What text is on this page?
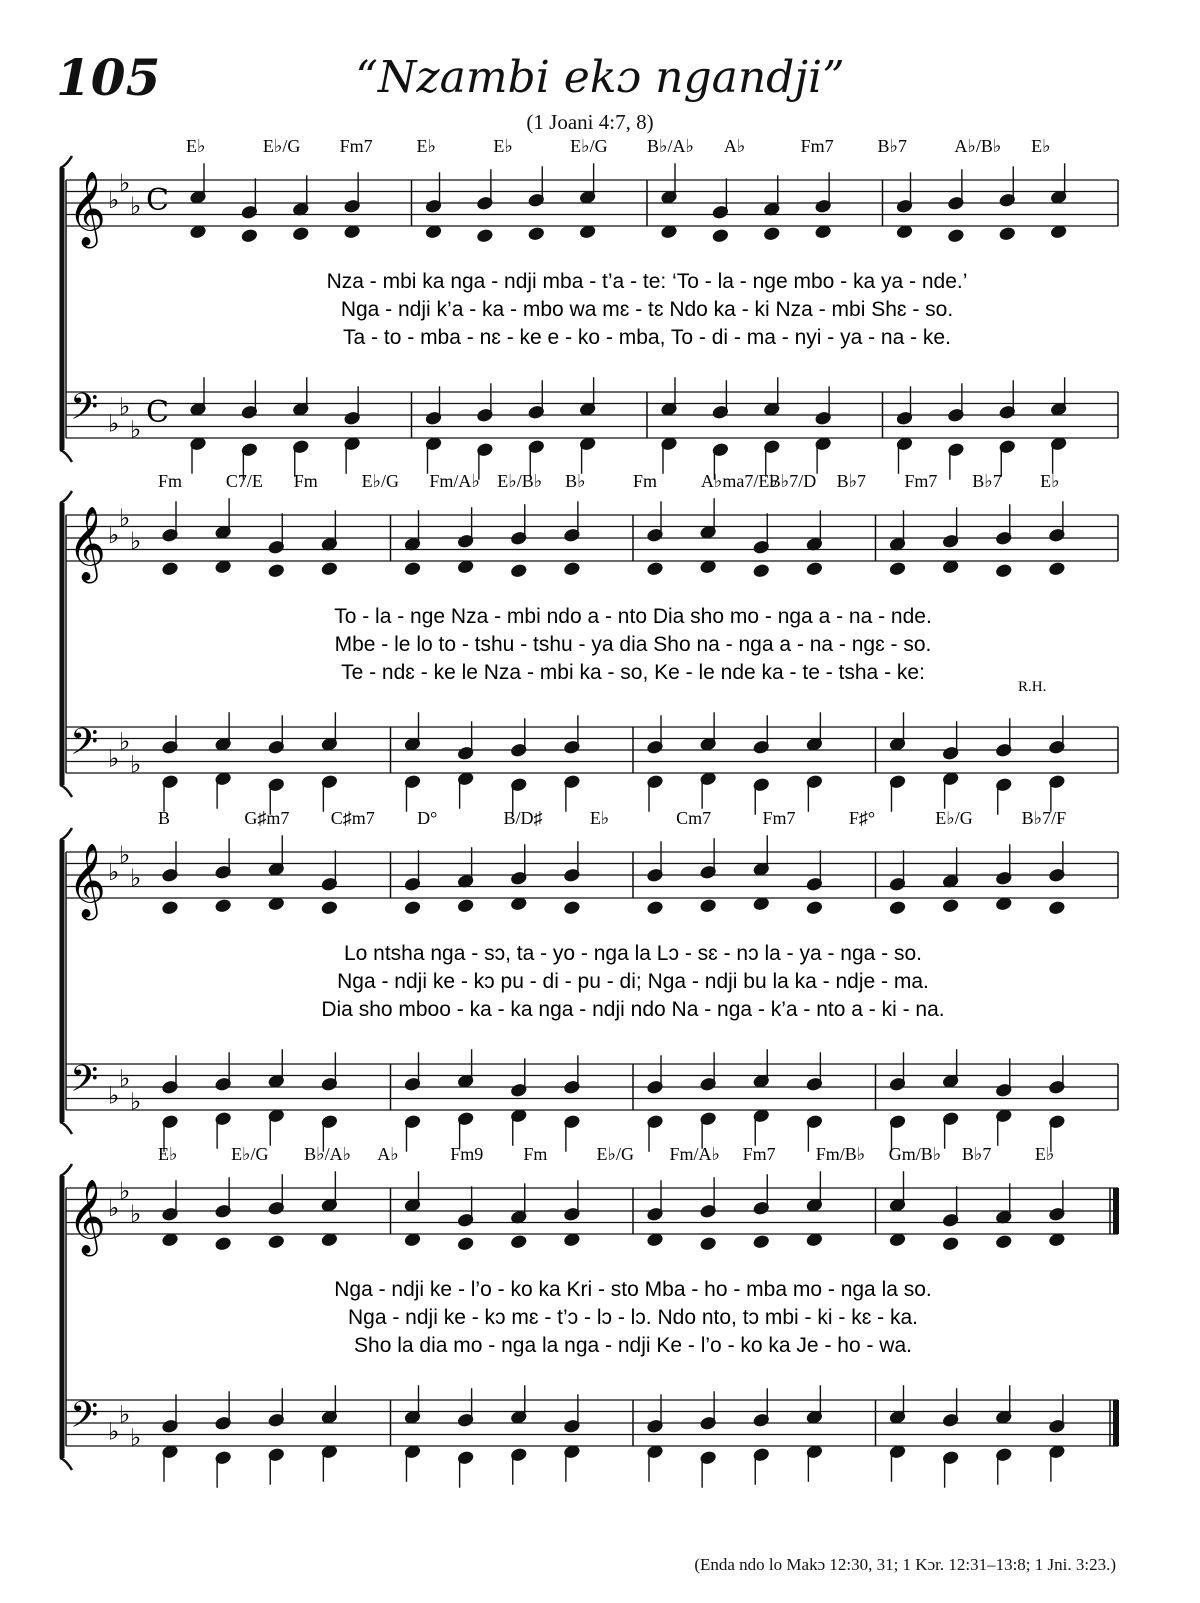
105	“Nzambi ekɔ ngandji”
(1 Joani 4:7, 8)
𝄞
𝄢
♭
♭
♭
♭
♭
♭
C
C
E♭	E♭/G Fm7 E♭	E♭	E♭/G B♭/A♭ A♭	Fm7 B♭7	A♭/B♭ E♭
Nza - mbi ka nga - ndji mba - t’a - te: ‘To - la - nge mbo - ka ya - nde.’
Nga - ndji k’a - ka - mbo wa mɛ - tɛ Ndo ka - ki Nza - mbi Shɛ - so.
Ta - to - mba - nɛ - ke e - ko - mba, To - di - ma - nyi - ya - na - ke.
𝄞
𝄢
♭
♭
♭
♭
♭
♭
Fm C7/E Fm E♭/G Fm/A♭ E♭/B♭ B♭	Fm A♭ma7/E♭
B♭7/D B♭7 Fm7 B♭7 E♭
To - la - nge Nza - mbi ndo a - nto Dia sho mo - nga a - na - nde.
Mbe - le lo to - tshu - tshu - ya dia Sho na - nga a - na - ngɛ - so.
Te - ndɛ - ke le Nza - mbi ka - so, Ke - le nde ka - te - tsha - ke:
R.H.
𝄞
𝄢
♭
♭
♭
♭
♭
♭
B	G♯m7 C♯m7 D°	B/D♯	E♭	Cm7	Fm7	F♯°	E♭/G	B♭7/F
Lo ntsha nga - sɔ, ta - yo - nga la Lɔ - sɛ - nɔ la - ya - nga - so.
Nga - ndji ke - kɔ pu - di - pu - di; Nga - ndji bu la ka - ndje - ma.
Dia sho mboo - ka - ka nga - ndji ndo Na - nga - k’a - nto a - ki - na.
𝄞
𝄢
♭
♭
♭
♭
♭
♭
E♭	E♭/G B♭/A♭ A♭	Fm9 Fm	E♭/G Fm/A♭ Fm7 Fm/B♭ Gm/B♭ B♭7 E♭
Nga - ndji ke - l’o - ko ka Kri - sto Mba - ho - mba mo - nga la so.
Nga - ndji ke - kɔ mɛ - t’ɔ - lɔ - lɔ. Ndo nto, tɔ mbi - ki - kɛ - ka.
Sho la dia mo - nga la nga - ndji Ke - l’o - ko ka Je - ho - wa.
(Enda ndo lo Makɔ 12:30, 31; 1 Kɔr. 12:31–13:8; 1 Jni. 3:23.)
